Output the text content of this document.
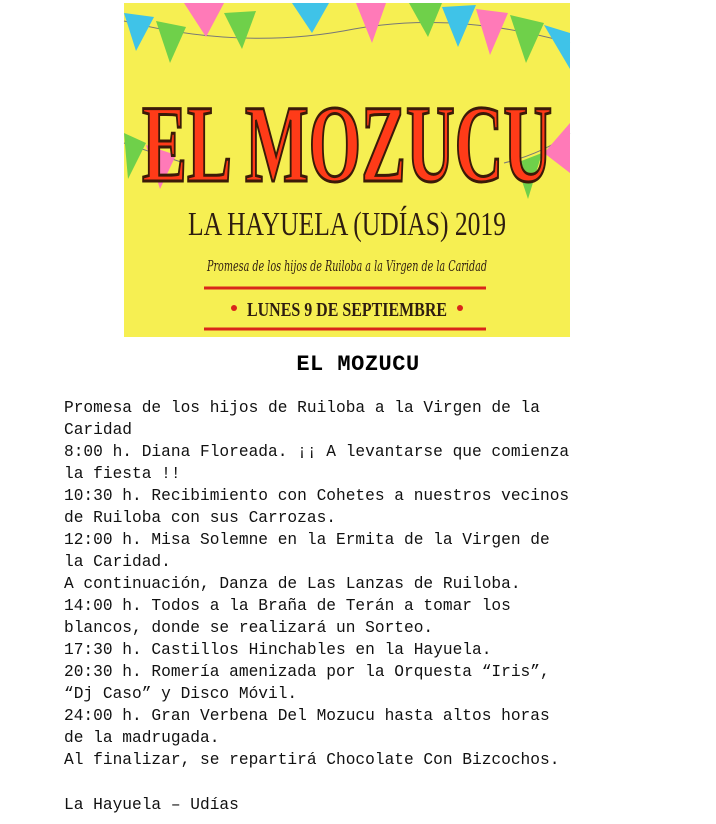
EL MOZUCU
LA HAYUELA (UDÍAS) 2019
Promesa de los hijos de Ruiloba a la Virgen de la Caridad
LUNES 9 DE SEPTIEMBRE
EL MOZUCU
Promesa de los hijos de Ruiloba a la Virgen de la
Caridad
8:00 h. Diana Floreada. ¡¡ A levantarse que comienza
la fiesta !!
10:30 h. Recibimiento con Cohetes a nuestros vecinos
de Ruiloba con sus Carrozas.
12:00 h. Misa Solemne en la Ermita de la Virgen de
la Caridad.
A continuación, Danza de Las Lanzas de Ruiloba.
14:00 h. Todos a la Braña de Terán a tomar los
blancos, donde se realizará un Sorteo.
17:30 h. Castillos Hinchables en la Hayuela.
20:30 h. Romería amenizada por la Orquesta “Iris”,
“Dj Caso” y Disco Móvil.
24:00 h. Gran Verbena Del Mozucu hasta altos horas
de la madrugada.
Al finalizar, se repartirá Chocolate Con Bizcochos.
La Hayuela – Udías
